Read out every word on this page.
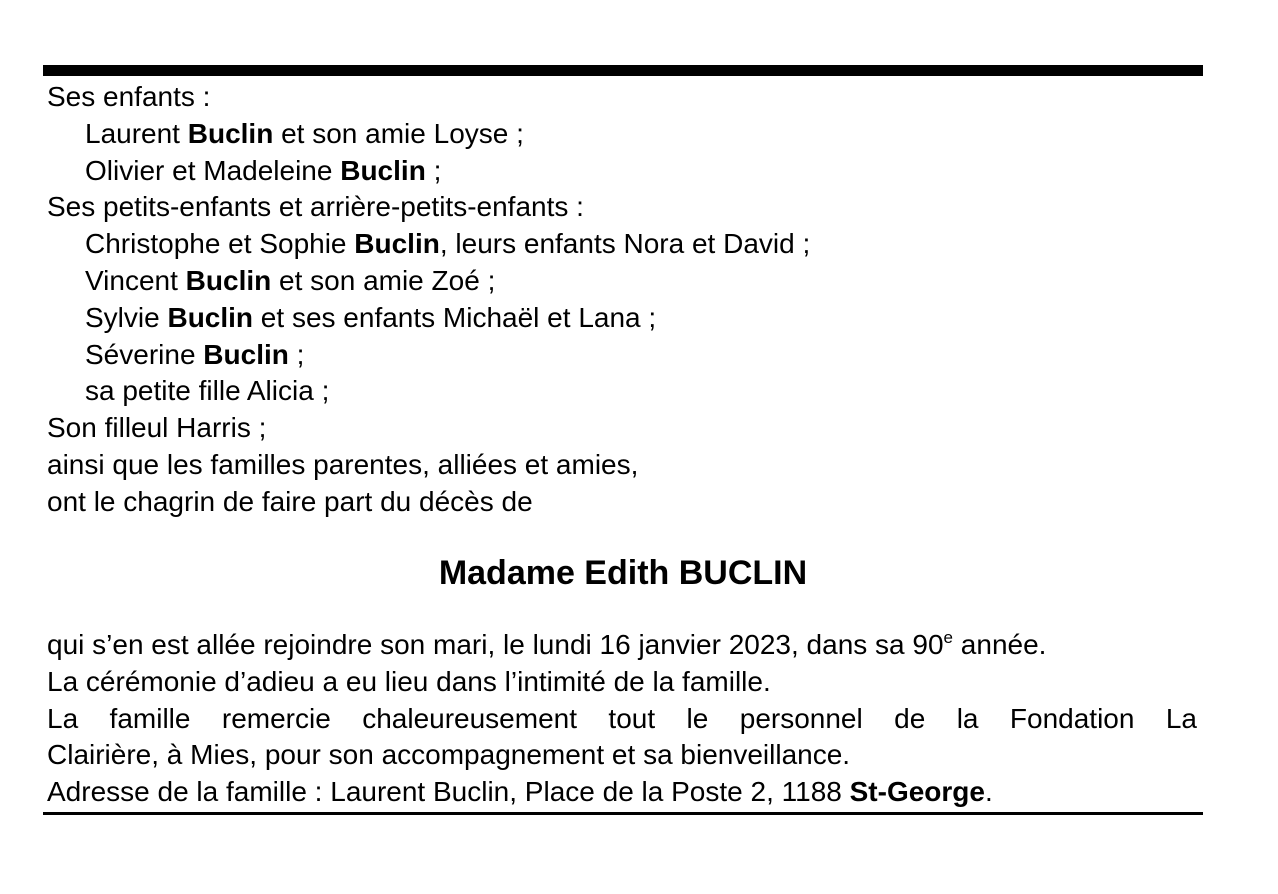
Ses enfants :
Laurent Buclin et son amie Loyse ;
Olivier et Madeleine Buclin ;
Ses petits-enfants et arrière-petits-enfants :
Christophe et Sophie Buclin, leurs enfants Nora et David ;
Vincent Buclin et son amie Zoé ;
Sylvie Buclin et ses enfants Michaël et Lana ;
Séverine Buclin ;
sa petite fille Alicia ;
Son filleul Harris ;
ainsi que les familles parentes, alliées et amies,
ont le chagrin de faire part du décès de
Madame Edith BUCLIN
qui s’en est allée rejoindre son mari, le lundi 16 janvier 2023, dans sa 90e année.
La cérémonie d’adieu a eu lieu dans l’intimité de la famille.
La famille remercie chaleureusement tout le personnel de la Fondation La
Clairière, à Mies, pour son accompagnement et sa bienveillance.
Adresse de la famille : Laurent Buclin, Place de la Poste 2, 1188 St-George.
